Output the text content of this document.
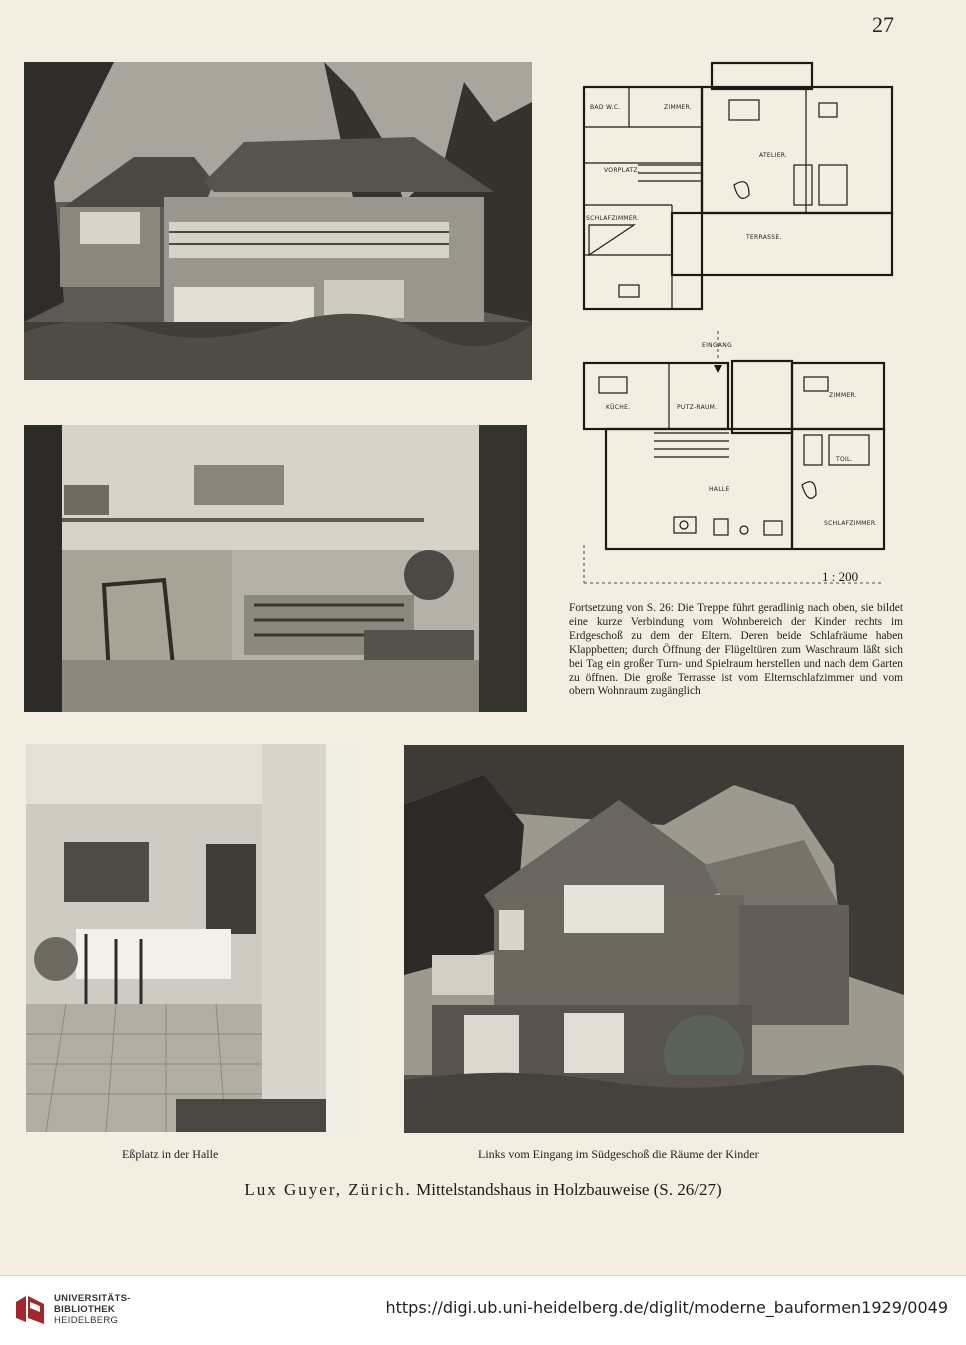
27
BAD W.C.	ZIMMER.
VORPLATZ.
ATELIER.
SCHLAFZIMMER.
TERRASSE.
EINGANG
KÜCHE.	PUTZ-RAUM.
ZIMMER.
TOIL.
HALLE
SCHLAFZIMMER.
1 : 200

Fortsetzung von S. 26: Die Treppe führt geradlinig nach oben, sie bildet eine kurze Verbindung vom Wohnbereich der Kinder rechts im Erdgeschoß zu dem der Eltern. Deren beide Schlafräume haben Klappbetten; durch Öffnung der Flügeltüren zum Waschraum läßt sich bei Tag ein großer Turn- und Spielraum herstellen und nach dem Garten zu öffnen. Die große Terrasse ist vom Elternschlafzimmer und vom obern Wohnraum zugänglich

Eßplatz in der Halle	Links vom Eingang im Südgeschoß die Räume der Kinder
Lux Guyer, Zürich. Mittelstandshaus in Holzbauweise (S. 26/27)
UNIVERSITÄTS-
BIBLIOTHEK
HEIDELBERG
https://digi.ub.uni-heidelberg.de/diglit/moderne_bauformen1929/0049
